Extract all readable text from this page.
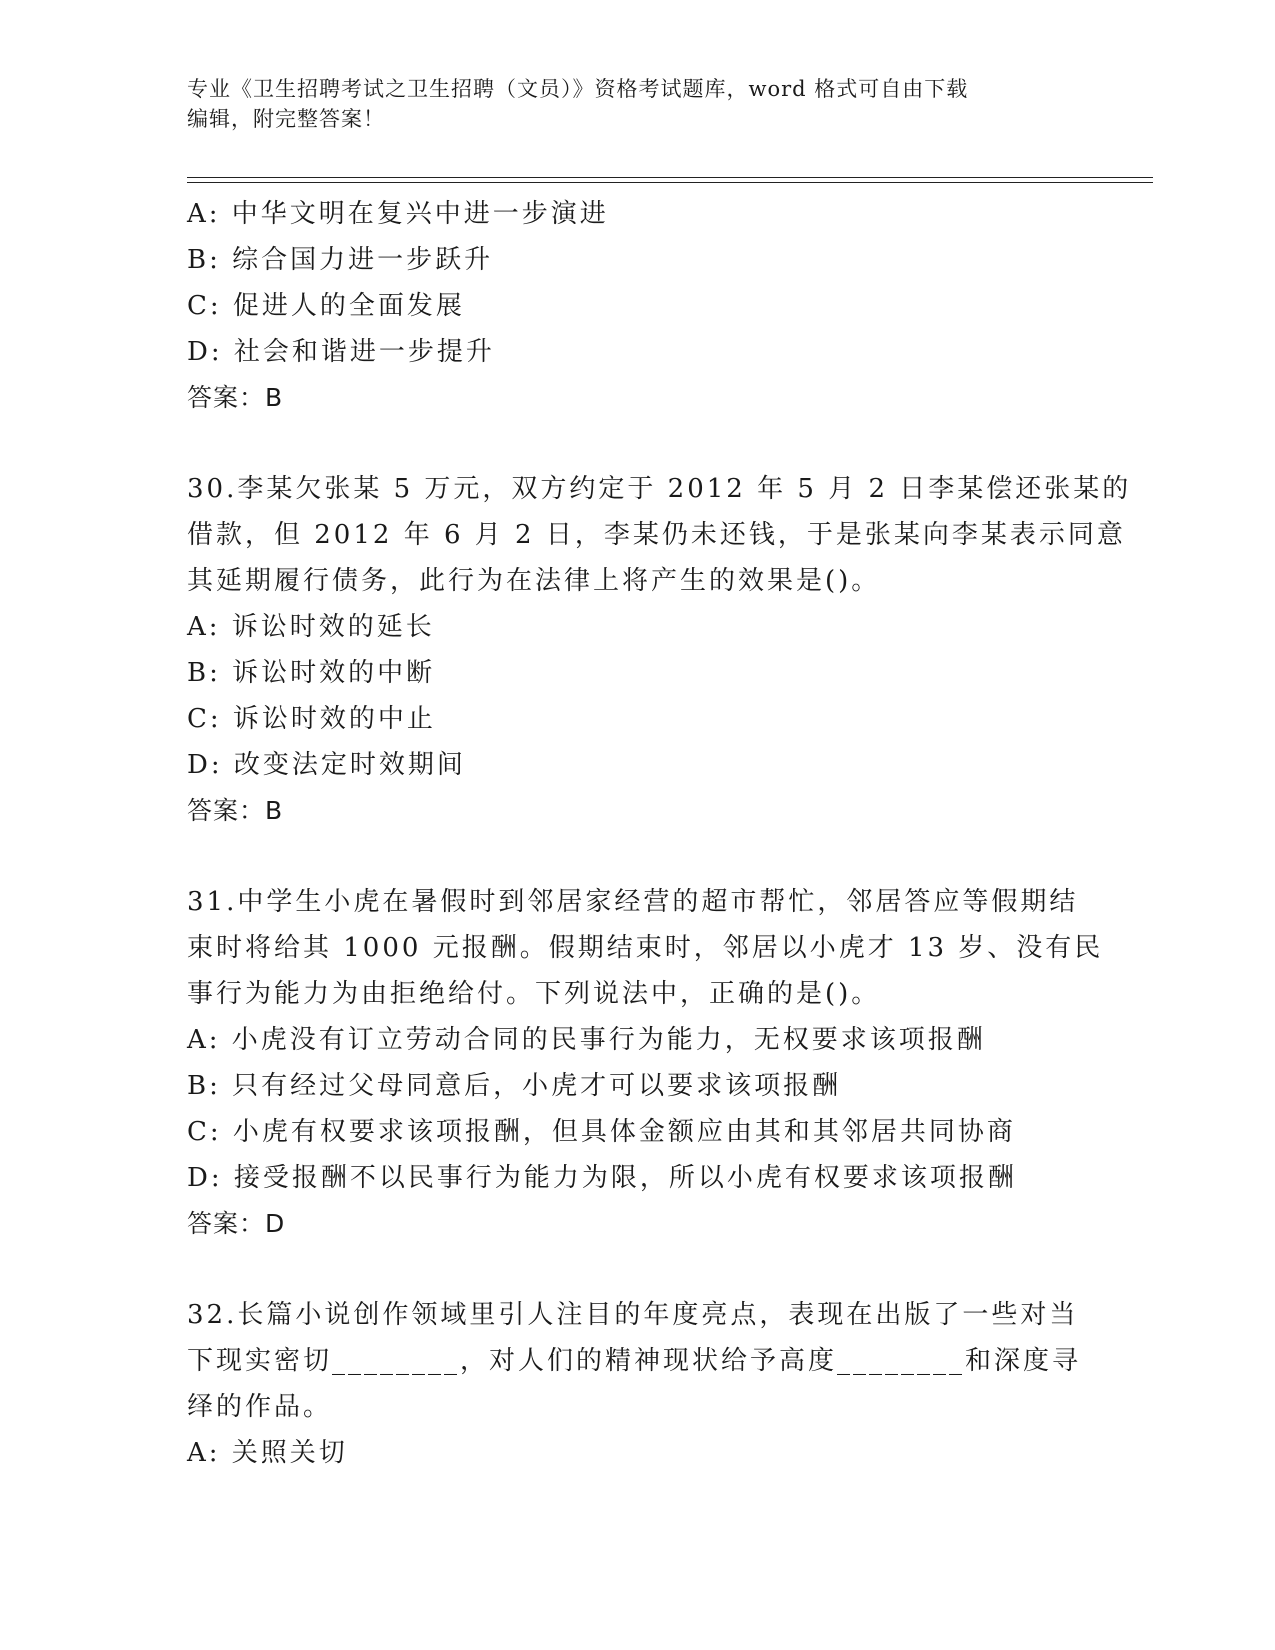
专业《卫生招聘考试之卫生招聘（文员）》资格考试题库，word 格式可自由下载
编辑，附完整答案！
A: 中华文明在复兴中进一步演进
B: 综合国力进一步跃升
C: 促进人的全面发展
D: 社会和谐进一步提升
答案：B
30.李某欠张某 5 万元，双方约定于 2012 年 5 月 2 日李某偿还张某的
借款，但 2012 年 6 月 2 日，李某仍未还钱，于是张某向李某表示同意
其延期履行债务，此行为在法律上将产生的效果是()。
A: 诉讼时效的延长
B: 诉讼时效的中断
C: 诉讼时效的中止
D: 改变法定时效期间
答案：B
31.中学生小虎在暑假时到邻居家经营的超市帮忙，邻居答应等假期结
束时将给其 1000 元报酬。假期结束时，邻居以小虎才 13 岁、没有民
事行为能力为由拒绝给付。下列说法中，正确的是()。
A: 小虎没有订立劳动合同的民事行为能力，无权要求该项报酬
B: 只有经过父母同意后，小虎才可以要求该项报酬
C: 小虎有权要求该项报酬，但具体金额应由其和其邻居共同协商
D: 接受报酬不以民事行为能力为限，所以小虎有权要求该项报酬
答案：D
32.长篇小说创作领域里引人注目的年度亮点，表现在出版了一些对当
下现实密切________，对人们的精神现状给予高度________和深度寻
绎的作品。
A: 关照关切
